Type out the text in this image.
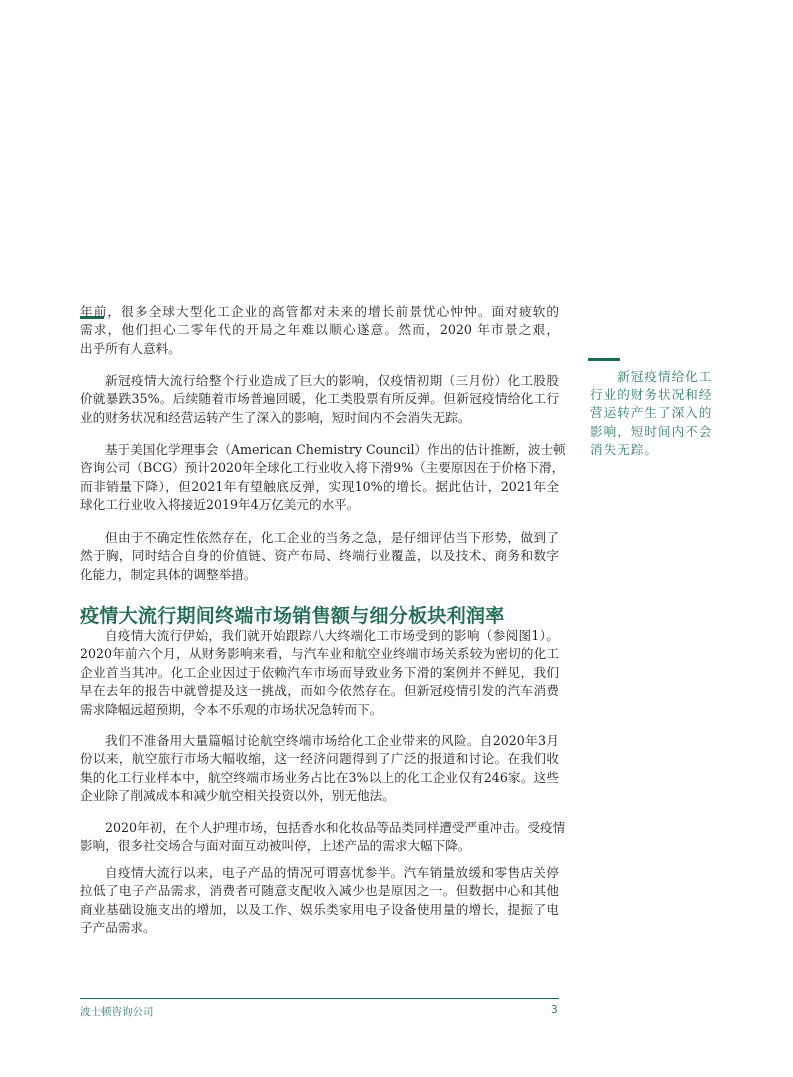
年前，很多全球大型化工企业的高管都对未来的增长前景忧心忡忡。面对疲软的
需求，他们担心二零年代的开局之年难以顺心遂意。然而，2020 年市景之艰，
出乎所有人意料。
新冠疫情大流行给整个行业造成了巨大的影响，仅疫情初期（三月份）化工股股
价就暴跌35%。后续随着市场普遍回暖，化工类股票有所反弹。但新冠疫情给化工行
业的财务状况和经营运转产生了深入的影响，短时间内不会消失无踪。
基于美国化学理事会（American Chemistry Council）作出的估计推断，波士顿
咨询公司（BCG）预计2020年全球化工行业收入将下滑9%（主要原因在于价格下滑，
而非销量下降），但2021年有望触底反弹，实现10%的增长。据此估计，2021年全
球化工行业收入将接近2019年4万亿美元的水平。
但由于不确定性依然存在，化工企业的当务之急，是仔细评估当下形势，做到了
然于胸，同时结合自身的价值链、资产布局、终端行业覆盖，以及技术、商务和数字
化能力，制定具体的调整举措。
疫情大流行期间终端市场销售额与细分板块利润率
自疫情大流行伊始，我们就开始跟踪八大终端化工市场受到的影响（参阅图1）。
2020年前六个月，从财务影响来看，与汽车业和航空业终端市场关系较为密切的化工
企业首当其冲。化工企业因过于依赖汽车市场而导致业务下滑的案例并不鲜见，我们
早在去年的报告中就曾提及这一挑战，而如今依然存在。但新冠疫情引发的汽车消费
需求降幅远超预期，令本不乐观的市场状况急转而下。
我们不准备用大量篇幅讨论航空终端市场给化工企业带来的风险。自2020年3月
份以来，航空旅行市场大幅收缩，这一经济问题得到了广泛的报道和讨论。在我们收
集的化工行业样本中，航空终端市场业务占比在3%以上的化工企业仅有246家。这些
企业除了削减成本和减少航空相关投资以外，别无他法。
2020年初，在个人护理市场，包括香水和化妆品等品类同样遭受严重冲击。受疫情
影响，很多社交场合与面对面互动被叫停，上述产品的需求大幅下降。
自疫情大流行以来，电子产品的情况可谓喜忧参半。汽车销量放缓和零售店关停
拉低了电子产品需求，消费者可随意支配收入减少也是原因之一。但数据中心和其他
商业基础设施支出的增加，以及工作、娱乐类家用电子设备使用量的增长，提振了电
子产品需求。
　　新冠疫情给化工
行业的财务状况和经
营运转产生了深入的
影响，短时间内不会
消失无踪。
波士顿咨询公司	3
